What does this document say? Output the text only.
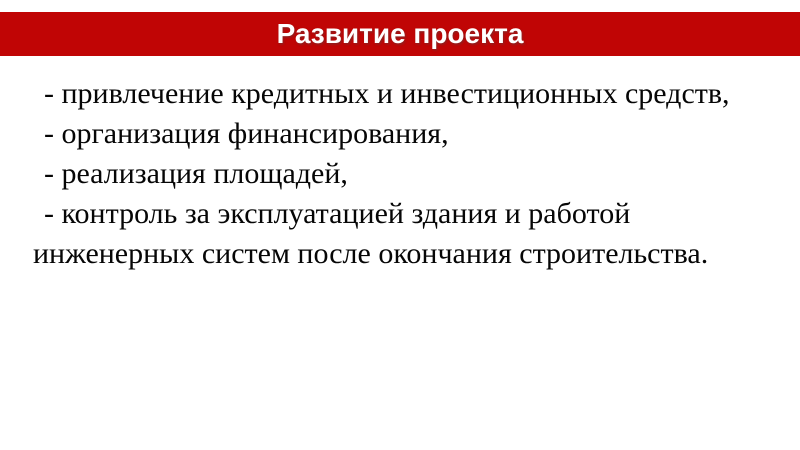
Развитие проекта

- привлечение кредитных и инвестиционных средств,

- организация финансирования,

- реализация площадей,

- контроль за эксплуатацией здания и работой инженерных систем после окончания строительства.
